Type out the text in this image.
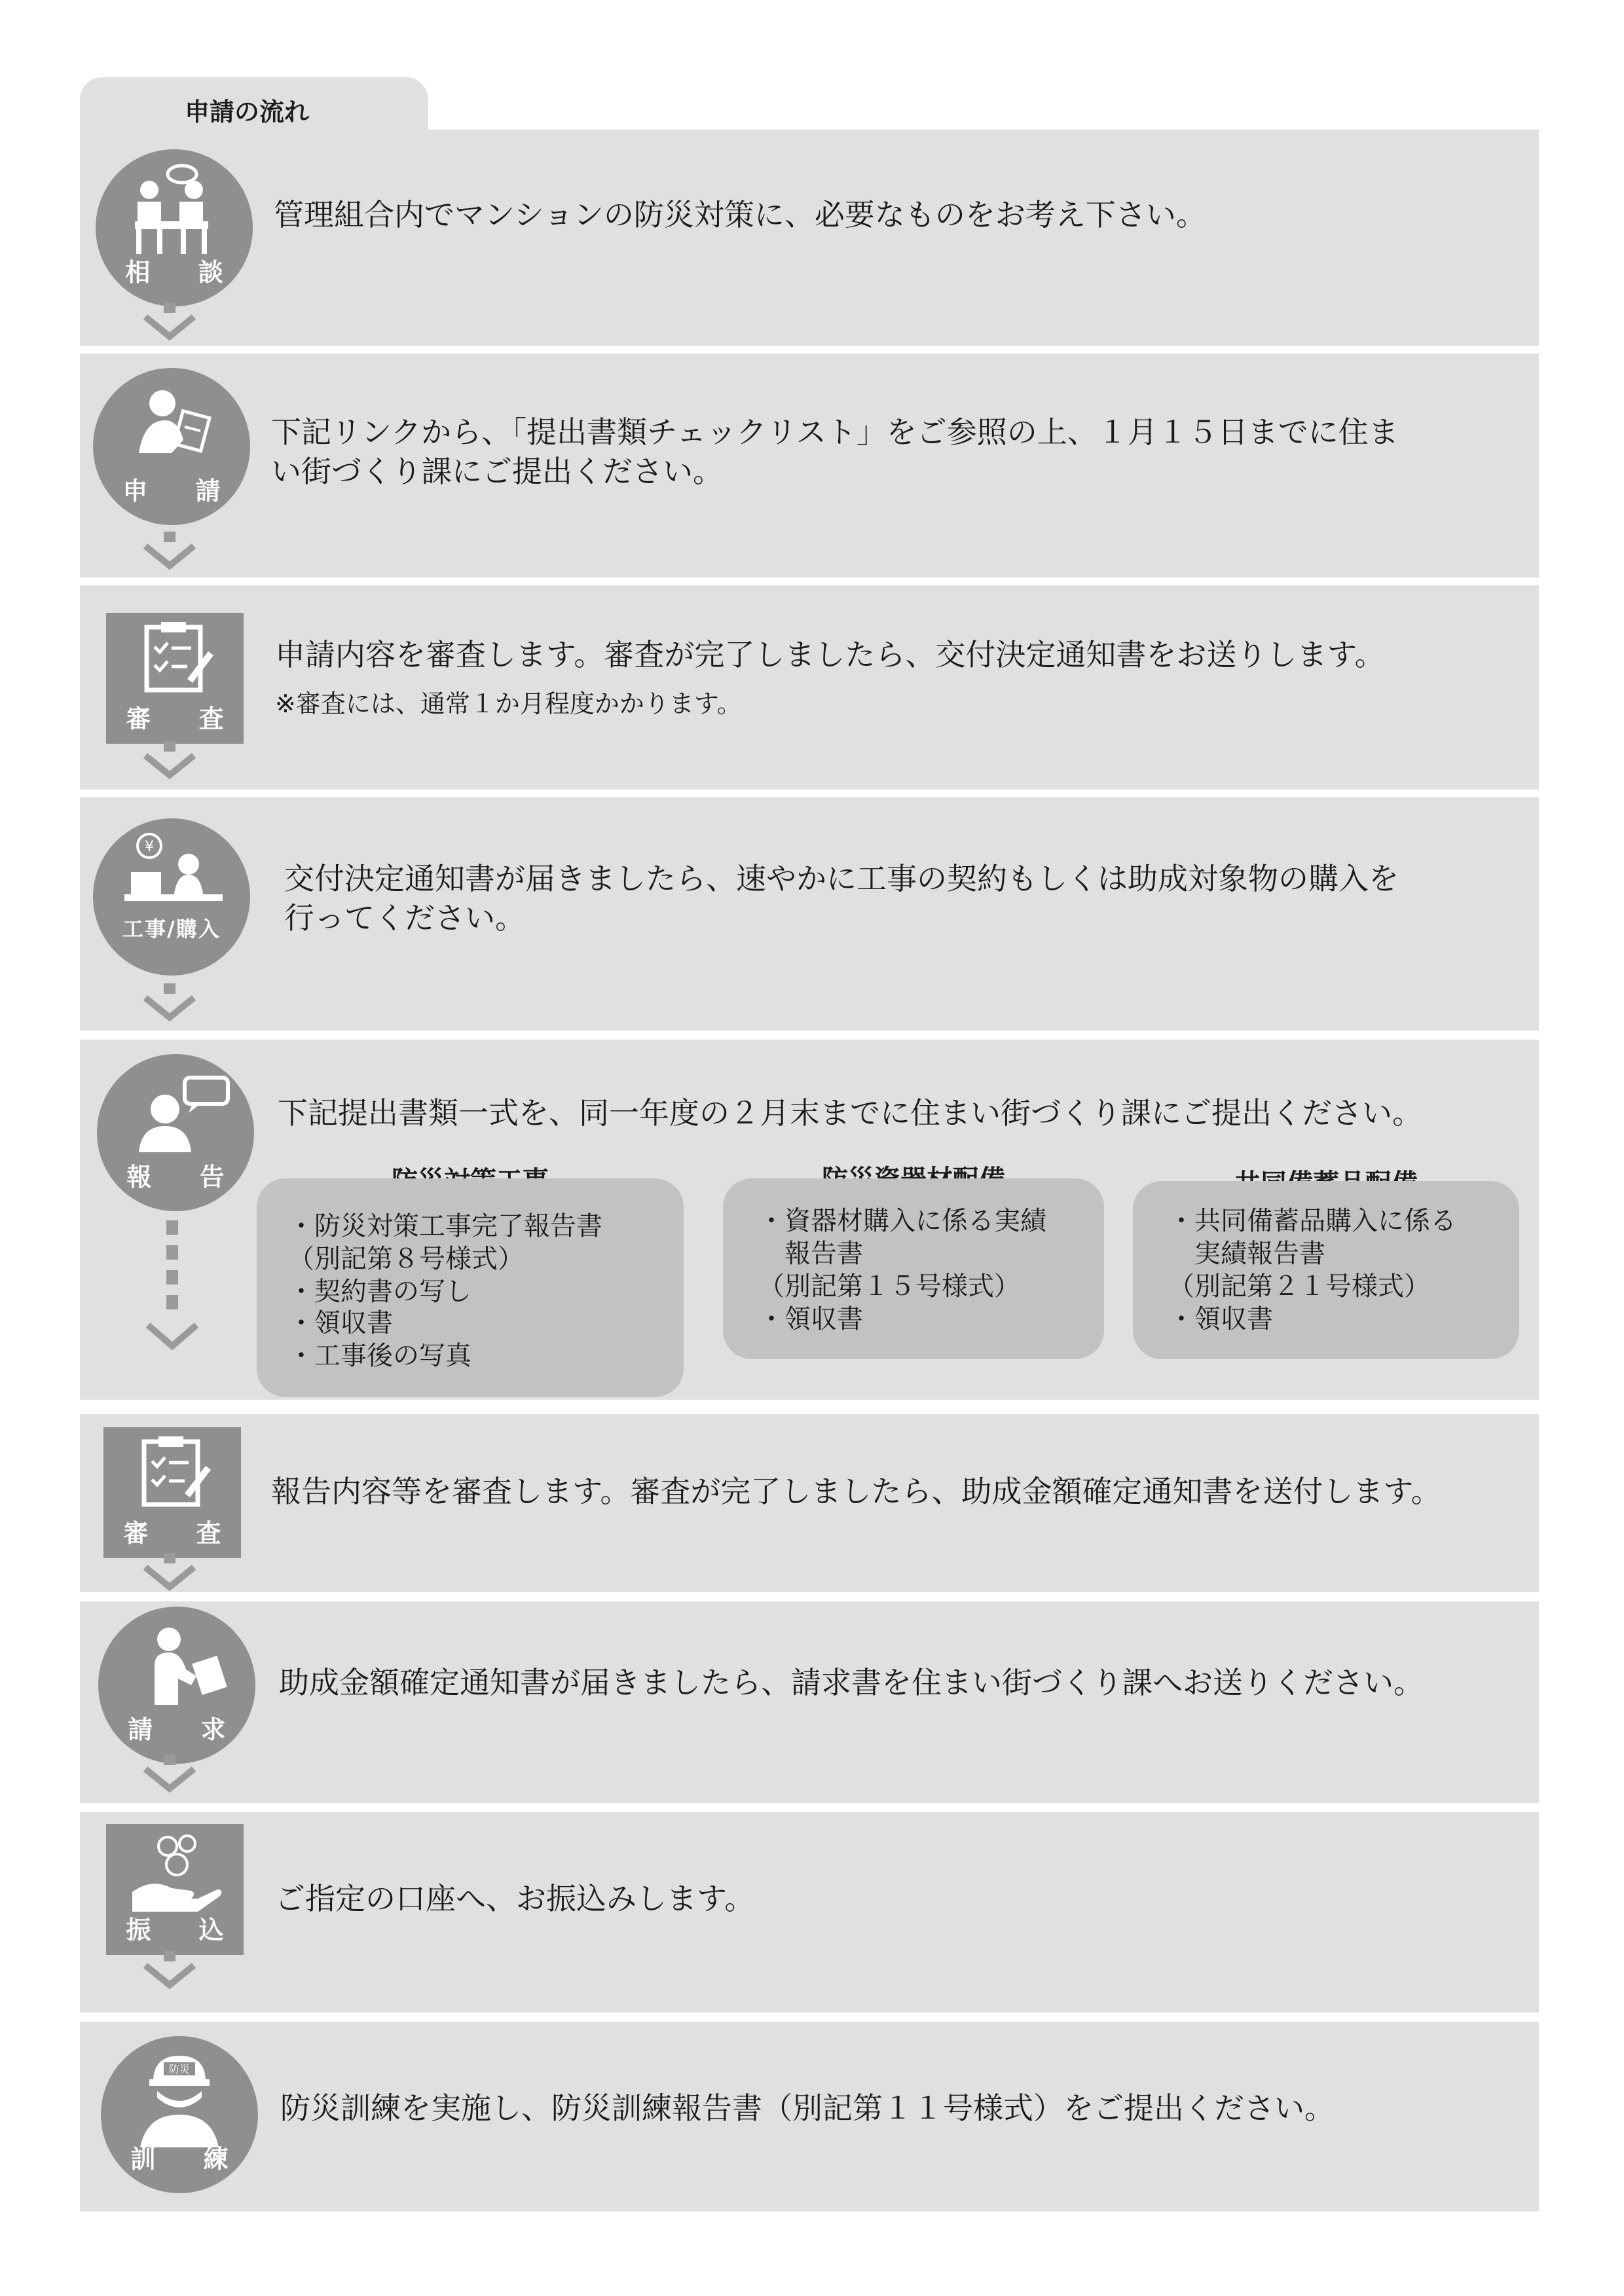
申請の流れ
相 談
管理組合内でマンションの防災対策に、必要なものをお考え下さい。
申 請
下記リンクから、「提出書類チェックリスト」をご参照の上、１月１５日までに住ま
い街づくり課にご提出ください。
審 査
申請内容を審査します。審査が完了しましたら、交付決定通知書をお送りします。
※審査には、通常１か月程度かかります。
¥
工事/購入
交付決定通知書が届きましたら、速やかに工事の契約もしくは助成対象物の購入を
行ってください。
報 告
下記提出書類一式を、同一年度の２月末までに住まい街づくり課にご提出ください。
・防災対策工事完了報告書
（別記第８号様式）
・契約書の写し
・領収書
・工事後の写真
・資器材購入に係る実績
　報告書
（別記第１５号様式）
・領収書
・共同備蓄品購入に係る
　実績報告書
（別記第２１号様式）
・領収書
審 査
報告内容等を審査します。審査が完了しましたら、助成金額確定通知書を送付します。
請 求
助成金額確定通知書が届きましたら、請求書を住まい街づくり課へお送りください。
振 込
ご指定の口座へ、お振込みします。
防災
訓 練
防災訓練を実施し、防災訓練報告書（別記第１１号様式）をご提出ください。
